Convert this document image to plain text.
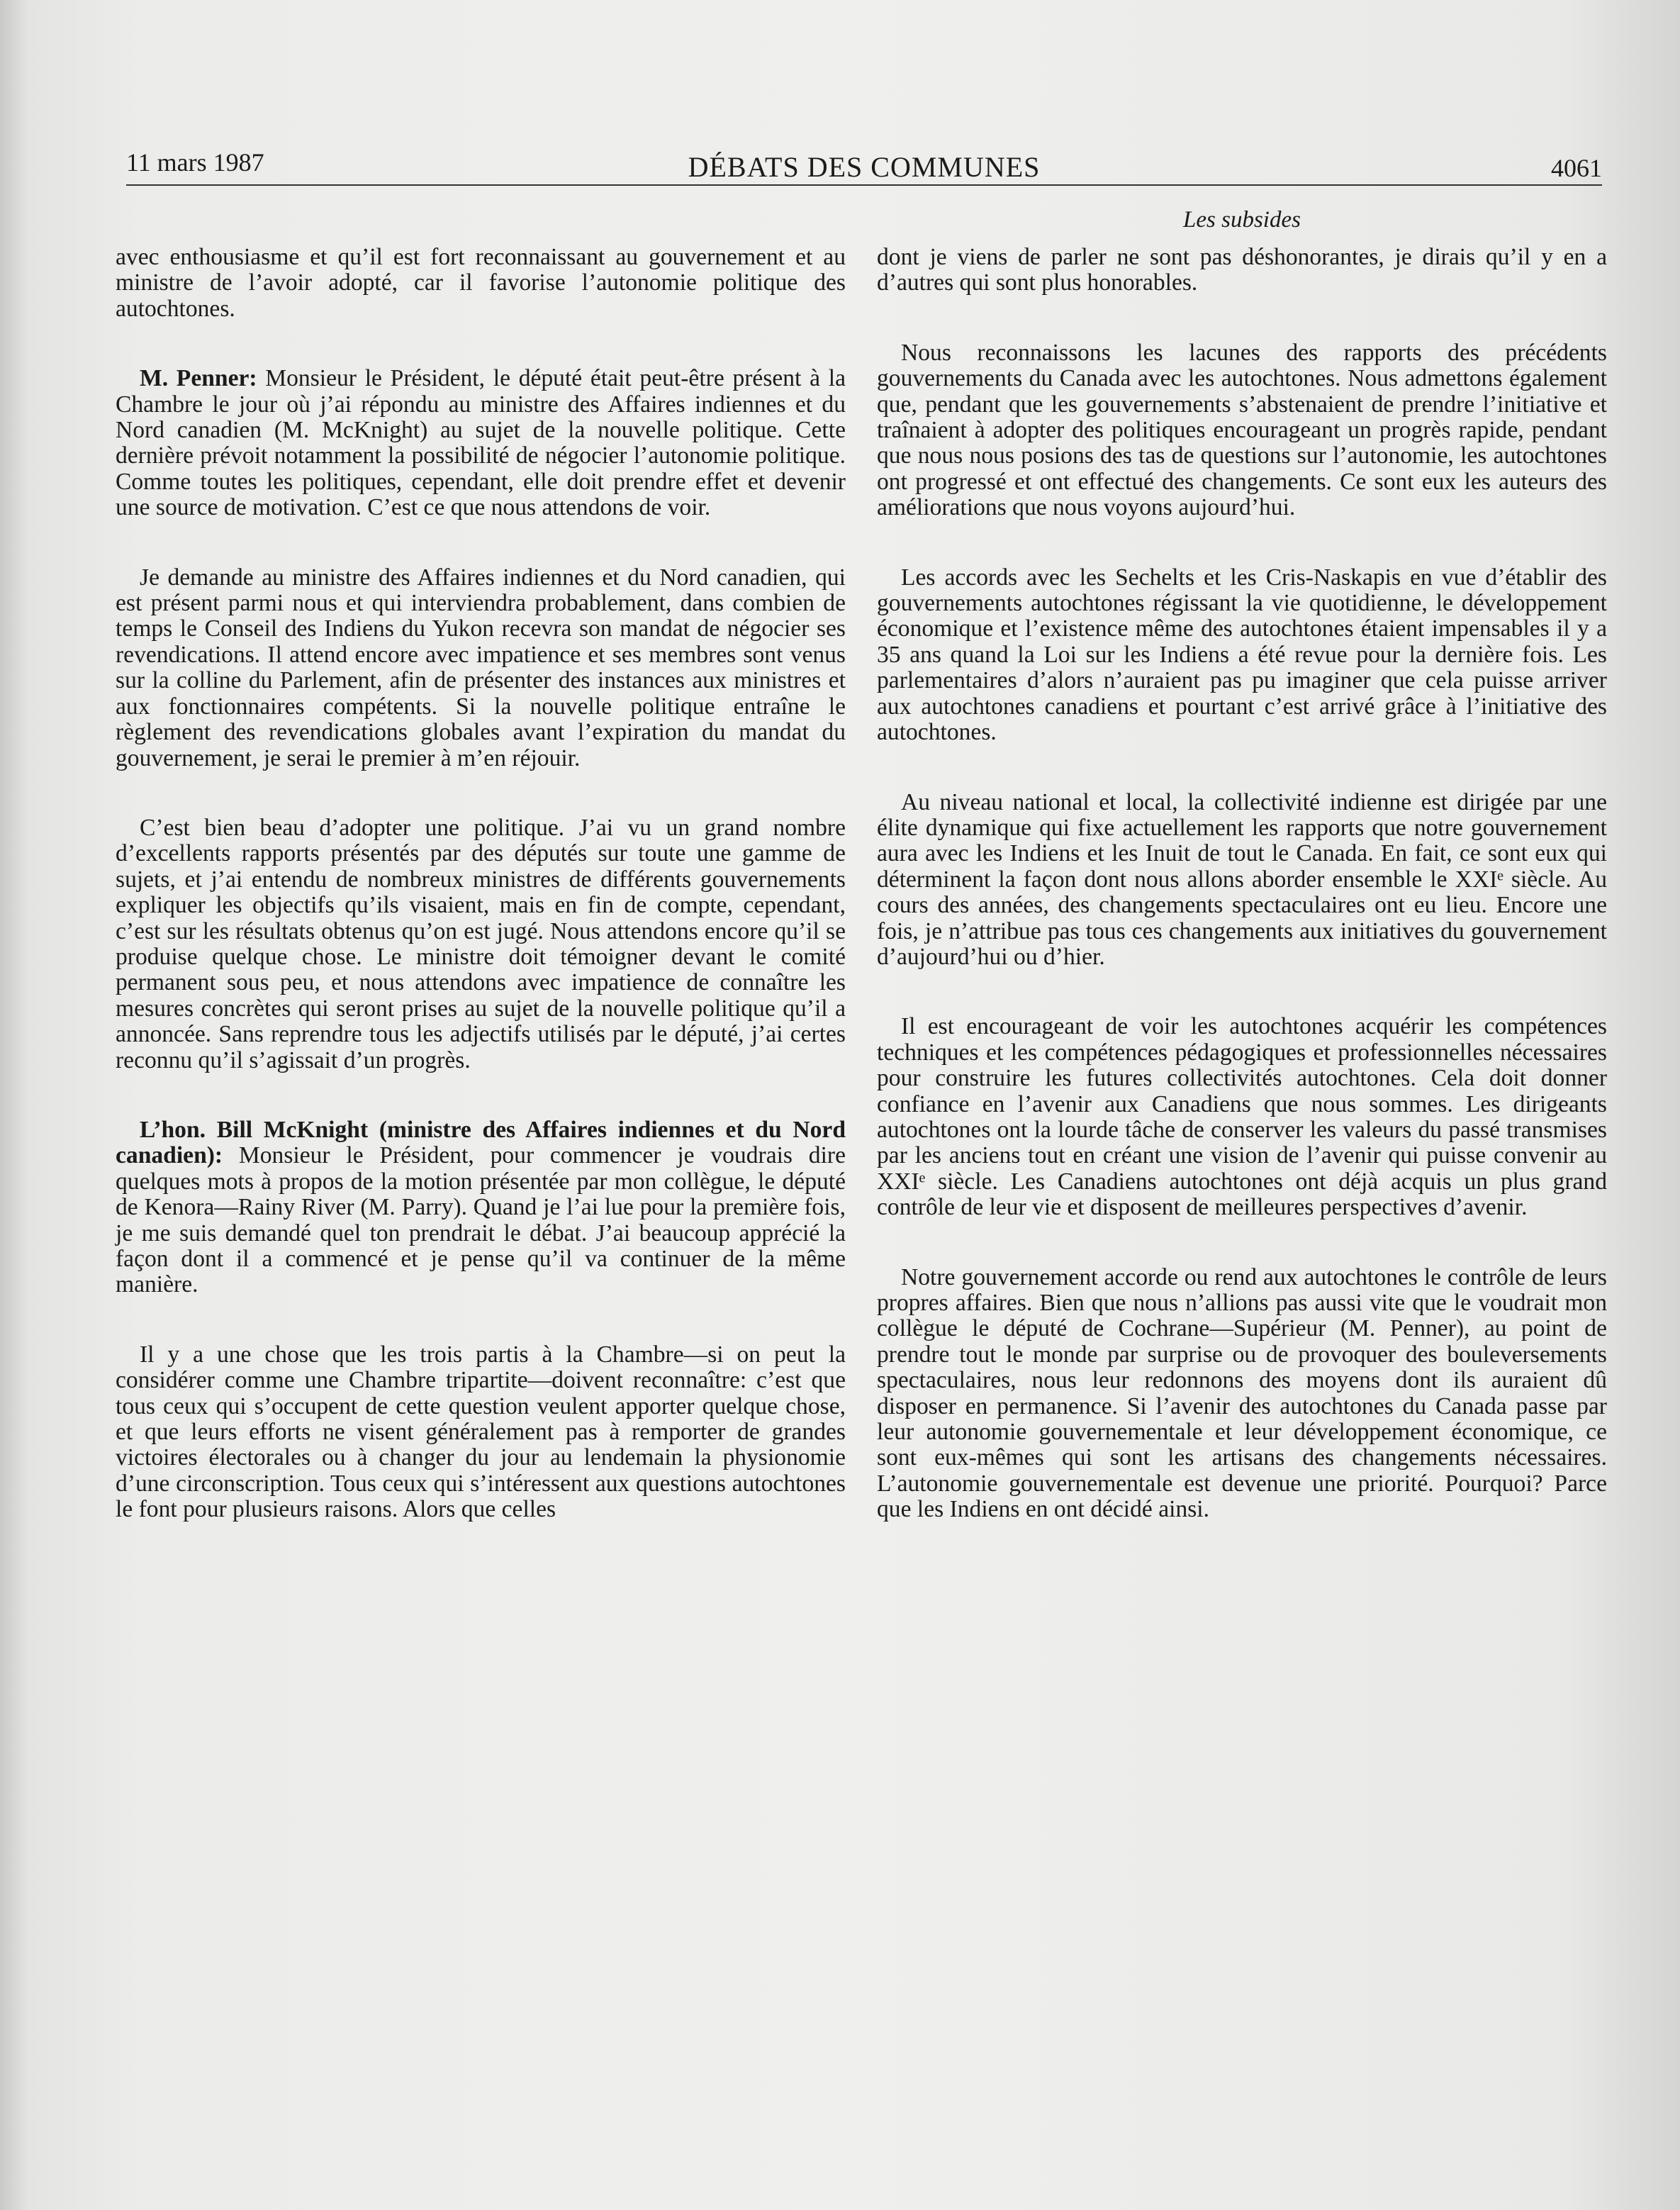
11 mars 1987	DÉBATS DES COMMUNES	4061
Les subsides

avec enthousiasme et qu’il est fort reconnaissant au gouvernement et au ministre de l’avoir adopté, car il favorise l’autonomie politique des autochtones.

M. Penner: Monsieur le Président, le député était peut-être présent à la Chambre le jour où j’ai répondu au ministre des Affaires indiennes et du Nord canadien (M. McKnight) au sujet de la nouvelle politique. Cette dernière prévoit notamment la possibilité de négocier l’autonomie politique. Comme toutes les politiques, cependant, elle doit prendre effet et devenir une source de motivation. C’est ce que nous attendons de voir.

Je demande au ministre des Affaires indiennes et du Nord canadien, qui est présent parmi nous et qui interviendra probablement, dans combien de temps le Conseil des Indiens du Yukon recevra son mandat de négocier ses revendications. Il attend encore avec impatience et ses membres sont venus sur la colline du Parlement, afin de présenter des instances aux ministres et aux fonctionnaires compétents. Si la nouvelle politique entraîne le règlement des revendications globales avant l’expiration du mandat du gouvernement, je serai le premier à m’en réjouir.

C’est bien beau d’adopter une politique. J’ai vu un grand nombre d’excellents rapports présentés par des députés sur toute une gamme de sujets, et j’ai entendu de nombreux ministres de différents gouvernements expliquer les objectifs qu’ils visaient, mais en fin de compte, cependant, c’est sur les résultats obtenus qu’on est jugé. Nous attendons encore qu’il se produise quelque chose. Le ministre doit témoigner devant le comité permanent sous peu, et nous attendons avec impatience de connaître les mesures concrètes qui seront prises au sujet de la nouvelle politique qu’il a annoncée. Sans reprendre tous les adjectifs utilisés par le député, j’ai certes reconnu qu’il s’agissait d’un progrès.

L’hon. Bill McKnight (ministre des Affaires indiennes et du Nord canadien): Monsieur le Président, pour commencer je voudrais dire quelques mots à propos de la motion présentée par mon collègue, le député de Kenora—Rainy River (M. Parry). Quand je l’ai lue pour la première fois, je me suis demandé quel ton prendrait le débat. J’ai beaucoup apprécié la façon dont il a commencé et je pense qu’il va continuer de la même manière.

Il y a une chose que les trois partis à la Chambre—si on peut la considérer comme une Chambre tripartite—doivent reconnaître: c’est que tous ceux qui s’occupent de cette question veulent apporter quelque chose, et que leurs efforts ne visent généralement pas à remporter de grandes victoires électorales ou à changer du jour au lendemain la physionomie d’une circonscription. Tous ceux qui s’intéressent aux questions autochtones le font pour plusieurs raisons. Alors que celles

dont je viens de parler ne sont pas déshonorantes, je dirais qu’il y en a d’autres qui sont plus honorables.

Nous reconnaissons les lacunes des rapports des précédents gouvernements du Canada avec les autochtones. Nous admettons également que, pendant que les gouvernements s’abstenaient de prendre l’initiative et traînaient à adopter des politiques encourageant un progrès rapide, pendant que nous nous posions des tas de questions sur l’autonomie, les autochtones ont progressé et ont effectué des changements. Ce sont eux les auteurs des améliorations que nous voyons aujourd’hui.

Les accords avec les Sechelts et les Cris-Naskapis en vue d’établir des gouvernements autochtones régissant la vie quotidienne, le développement économique et l’existence même des autochtones étaient impensables il y a 35 ans quand la Loi sur les Indiens a été revue pour la dernière fois. Les parlementaires d’alors n’auraient pas pu imaginer que cela puisse arriver aux autochtones canadiens et pourtant c’est arrivé grâce à l’initiative des autochtones.

Au niveau national et local, la collectivité indienne est dirigée par une élite dynamique qui fixe actuellement les rapports que notre gouvernement aura avec les Indiens et les Inuit de tout le Canada. En fait, ce sont eux qui déterminent la façon dont nous allons aborder ensemble le XXIᵉ siècle. Au cours des années, des changements spectaculaires ont eu lieu. Encore une fois, je n’attribue pas tous ces changements aux initiatives du gouvernement d’aujourd’hui ou d’hier.

Il est encourageant de voir les autochtones acquérir les compétences techniques et les compétences pédagogiques et professionnelles nécessaires pour construire les futures collectivités autochtones. Cela doit donner confiance en l’avenir aux Canadiens que nous sommes. Les dirigeants autochtones ont la lourde tâche de conserver les valeurs du passé transmises par les anciens tout en créant une vision de l’avenir qui puisse convenir au XXIᵉ siècle. Les Canadiens autochtones ont déjà acquis un plus grand contrôle de leur vie et disposent de meilleures perspectives d’avenir.

Notre gouvernement accorde ou rend aux autochtones le contrôle de leurs propres affaires. Bien que nous n’allions pas aussi vite que le voudrait mon collègue le député de Cochrane—Supérieur (M. Penner), au point de prendre tout le monde par surprise ou de provoquer des bouleversements spectaculaires, nous leur redonnons des moyens dont ils auraient dû disposer en permanence. Si l’avenir des autochtones du Canada passe par leur autonomie gouvernementale et leur développement économique, ce sont eux-mêmes qui sont les artisans des changements nécessaires. L’autonomie gouvernementale est devenue une priorité. Pourquoi? Parce que les Indiens en ont décidé ainsi.
